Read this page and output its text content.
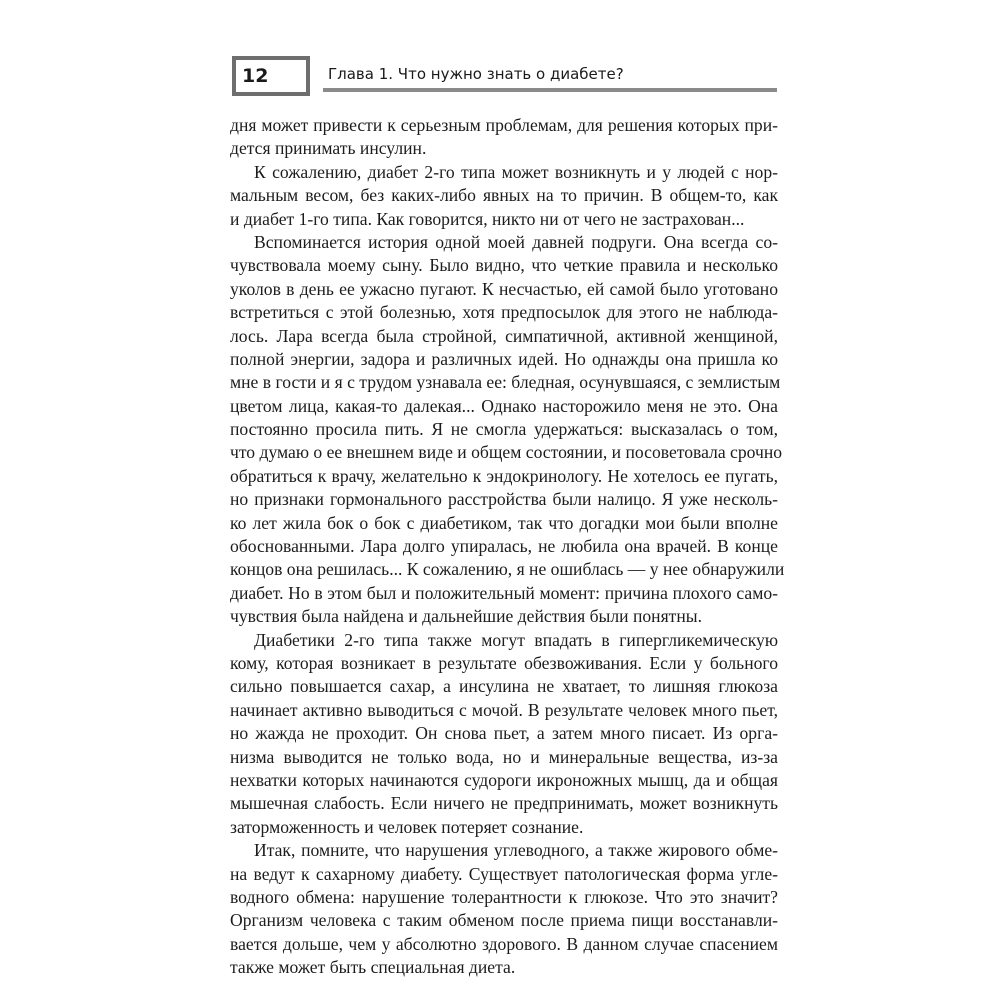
12	Глава 1. Что нужно знать о диабете?
дня может привести к серьезным проблемам, для решения которых при-
дется принимать инсулин.
К сожалению, диабет 2-го типа может возникнуть и у людей с нор-
мальным весом, без каких-либо явных на то причин. В общем-то, как
и диабет 1-го типа. Как говорится, никто ни от чего не застрахован...
Вспоминается история одной моей давней подруги. Она всегда со-
чувствовала моему сыну. Было видно, что четкие правила и несколько
уколов в день ее ужасно пугают. К несчастью, ей самой было уготовано
встретиться с этой болезнью, хотя предпосылок для этого не наблюда-
лось. Лара всегда была стройной, симпатичной, активной женщиной,
полной энергии, задора и различных идей. Но однажды она пришла ко
мне в гости и я с трудом узнавала ее: бледная, осунувшаяся, с землистым
цветом лица, какая-то далекая... Однако насторожило меня не это. Она
постоянно просила пить. Я не смогла удержаться: высказалась о том,
что думаю о ее внешнем виде и общем состоянии, и посоветовала срочно
обратиться к врачу, желательно к эндокринологу. Не хотелось ее пугать,
но признаки гормонального расстройства были налицо. Я уже несколь-
ко лет жила бок о бок с диабетиком, так что догадки мои были вполне
обоснованными. Лара долго упиралась, не любила она врачей. В конце
концов она решилась... К сожалению, я не ошиблась — у нее обнаружили
диабет. Но в этом был и положительный момент: причина плохого само-
чувствия была найдена и дальнейшие действия были понятны.
Диабетики 2-го типа также могут впадать в гипергликемическую
кому, которая возникает в результате обезвоживания. Если у больного
сильно повышается сахар, а инсулина не хватает, то лишняя глюкоза
начинает активно выводиться с мочой. В результате человек много пьет,
но жажда не проходит. Он снова пьет, а затем много писает. Из орга-
низма выводится не только вода, но и минеральные вещества, из-за
нехватки которых начинаются судороги икроножных мышц, да и общая
мышечная слабость. Если ничего не предпринимать, может возникнуть
заторможенность и человек потеряет сознание.
Итак, помните, что нарушения углеводного, а также жирового обме-
на ведут к сахарному диабету. Существует патологическая форма угле-
водного обмена: нарушение толерантности к глюкозе. Что это значит?
Организм человека с таким обменом после приема пищи восстанавли-
вается дольше, чем у абсолютно здорового. В данном случае спасением
также может быть специальная диета.
